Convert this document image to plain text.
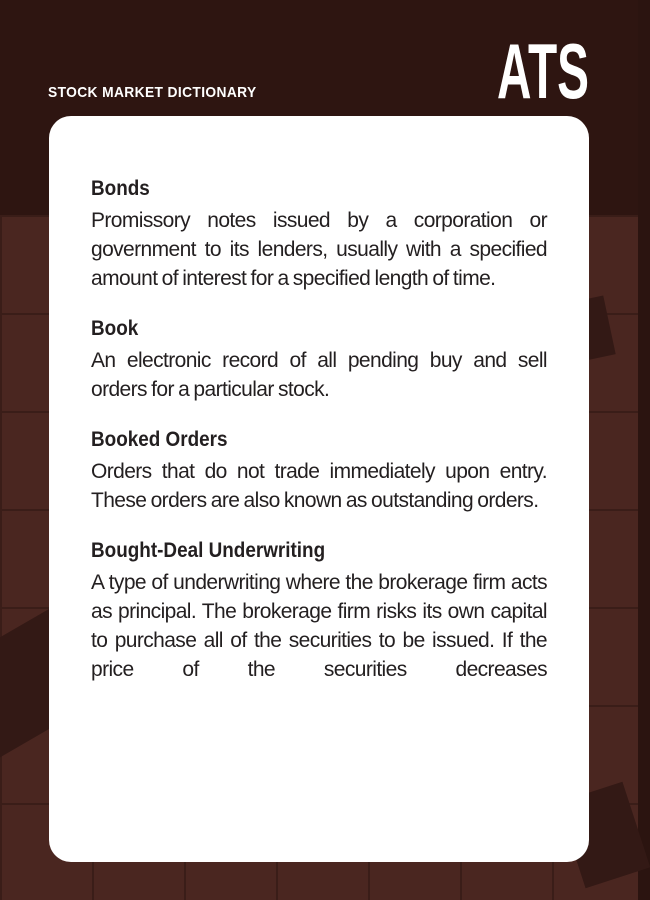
STOCK MARKET DICTIONARY	ATS
Bonds

Promissory notes issued by a corporation or government to its lenders, usually with a specified amount of interest for a specified length of time.

Book

An electronic record of all pending buy and sell orders for a particular stock.

Booked Orders

Orders that do not trade immediately upon entry. These orders are also known as outstanding orders.

Bought-Deal Underwriting

A type of underwriting where the brokerage firm acts as principal. The brokerage firm risks its own capital to purchase all of the securities to be issued. If the price of the securities decreases
